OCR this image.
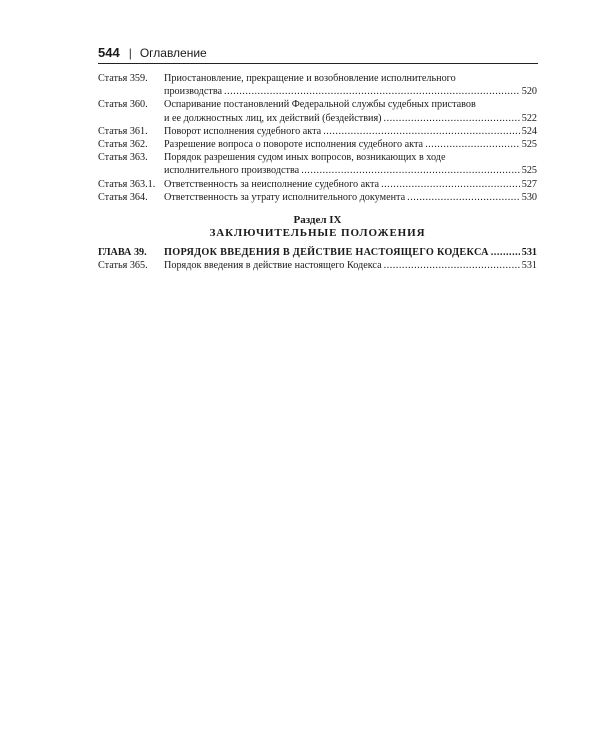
544 | Оглавление
Статья 359.	Приостановление, прекращение и возобновление исполнительного
производства .....	520
Статья 360.	Оспаривание постановлений Федеральной службы судебных приставов
и ее должностных лиц, их действий (бездействия) .....	522
Статья 361.	Поворот исполнения судебного акта .....	524
Статья 362.	Разрешение вопроса о повороте исполнения судебного акта .....	525
Статья 363.	Порядок разрешения судом иных вопросов, возникающих в ходе
исполнительного производства .....	525
Статья 363.1. Ответственность за неисполнение судебного акта .....	527
Статья 364.	Ответственность за утрату исполнительного документа .....	530
Раздел IX
ЗАКЛЮЧИТЕЛЬНЫЕ ПОЛОЖЕНИЯ
ГЛАВА 39.	ПОРЯДОК ВВЕДЕНИЯ В ДЕЙСТВИЕ НАСТОЯЩЕГО КОДЕКСА .....	531
Статья 365.	Порядок введения в действие настоящего Кодекса .....	531
